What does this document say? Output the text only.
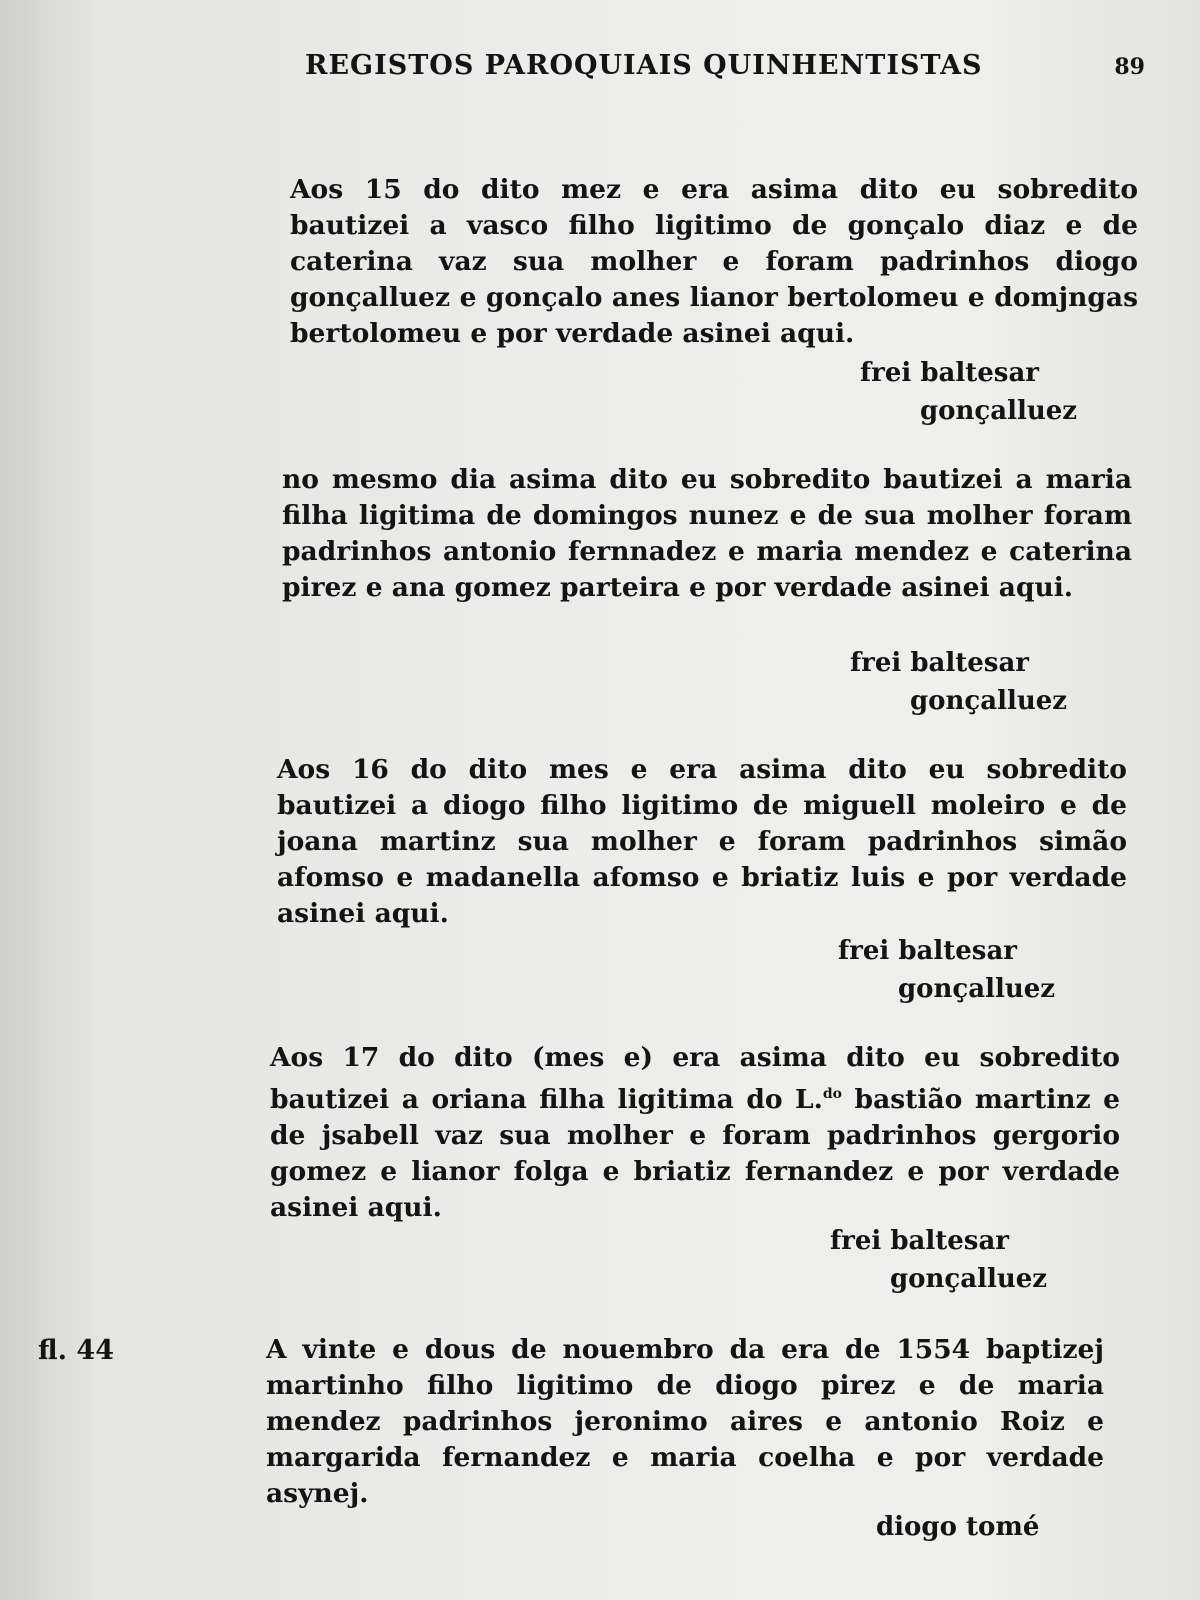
REGISTOS PAROQUIAIS QUINHENTISTAS	89

Aos 15 do dito mez e era asima dito eu sobredito bautizei a vasco filho ligitimo de gonçalo diaz e de caterina vaz sua molher e foram padrinhos diogo gonçalluez e gonçalo anes lianor bertolomeu e domjngas bertolomeu e por verdade asinei aqui.

frei baltesar
gonçalluez

no mesmo dia asima dito eu sobredito bautizei a maria filha ligitima de domingos nunez e de sua molher foram padrinhos antonio fernnadez e maria mendez e caterina pirez e ana gomez parteira e por verdade asinei aqui.

frei baltesar
gonçalluez

Aos 16 do dito mes e era asima dito eu sobredito bautizei a diogo filho ligitimo de miguell moleiro e de joana martinz sua molher e foram padrinhos simão afomso e madanella afomso e briatiz luis e por verdade asinei aqui.

frei baltesar
gonçalluez

Aos 17 do dito (mes e) era asima dito eu sobredito bautizei a oriana filha ligitima do L.$^{do}$ bastião martinz e de jsabell vaz sua molher e foram padrinhos gergorio gomez e lianor folga e briatiz fernandez e por verdade asinei aqui.

frei baltesar
gonçalluez
fl. 44	A vinte e dous de nouembro da era de 1554 baptizej martinho filho ligitimo de diogo pirez e de maria mendez padrinhos jeronimo aires e antonio Roiz e margarida fernandez e maria coelha e por verdade asynej.

diogo tomé
